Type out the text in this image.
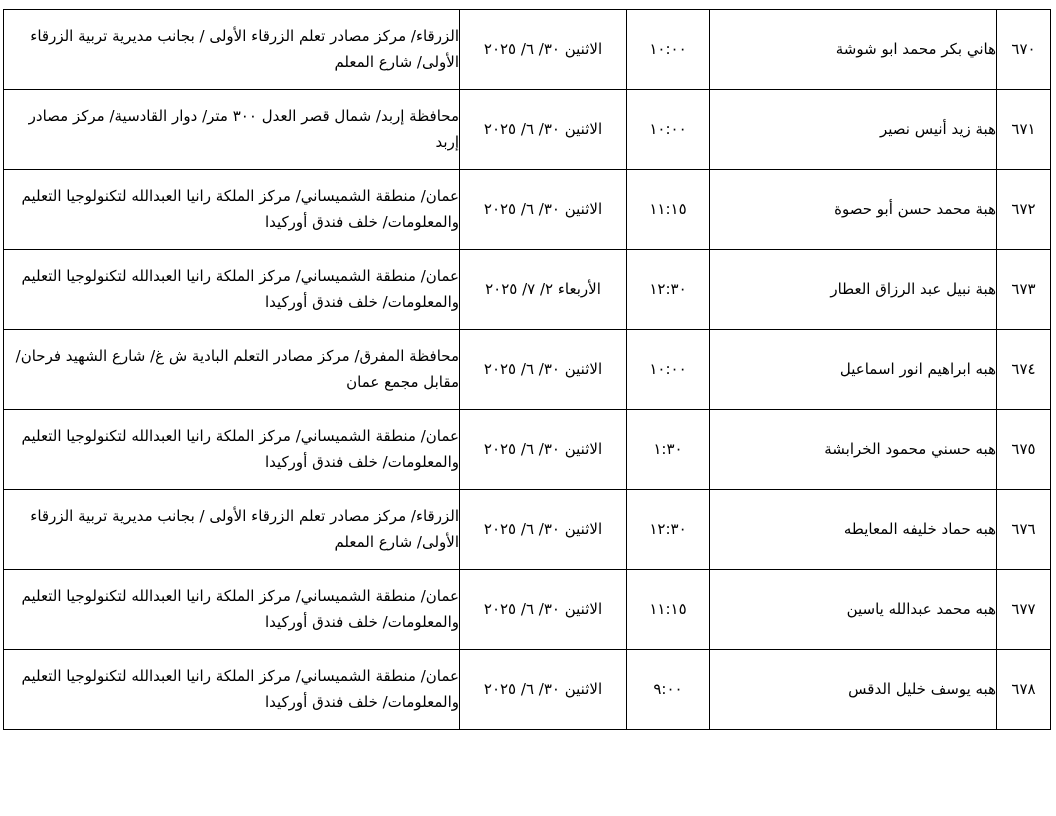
٦٧٠	هاني بكر محمد ابو شوشة	١٠:٠٠	الاثنين ٣٠/ ٦/ ٢٠٢٥	الزرقاء/ مركز مصادر تعلم الزرقاء الأولى / بجانب مديرية تربية الزرقاء الأولى/ شارع المعلم
٦٧١	هبة زيد أنيس نصير	١٠:٠٠	الاثنين ٣٠/ ٦/ ٢٠٢٥	محافظة إربد/ شمال قصر العدل ٣٠٠ متر/ دوار القادسية/ مركز مصادر إربد
٦٧٢	هبة محمد حسن أبو حصوة	١١:١٥	الاثنين ٣٠/ ٦/ ٢٠٢٥	عمان/ منطقة الشميساني/ مركز الملكة رانيا العبدالله لتكنولوجيا التعليم والمعلومات/ خلف فندق أوركيدا
٦٧٣	هبة نبيل عبد الرزاق العطار	١٢:٣٠	الأربعاء ٢/ ٧/ ٢٠٢٥	عمان/ منطقة الشميساني/ مركز الملكة رانيا العبدالله لتكنولوجيا التعليم والمعلومات/ خلف فندق أوركيدا
٦٧٤	هبه ابراهيم انور اسماعيل	١٠:٠٠	الاثنين ٣٠/ ٦/ ٢٠٢٥	محافظة المفرق/ مركز مصادر التعلم البادية ش غ/ شارع الشهيد فرحان/ مقابل مجمع عمان
٦٧٥	هبه حسني محمود الخرابشة	١:٣٠	الاثنين ٣٠/ ٦/ ٢٠٢٥	عمان/ منطقة الشميساني/ مركز الملكة رانيا العبدالله لتكنولوجيا التعليم والمعلومات/ خلف فندق أوركيدا
٦٧٦	هبه حماد خليفه المعايطه	١٢:٣٠	الاثنين ٣٠/ ٦/ ٢٠٢٥	الزرقاء/ مركز مصادر تعلم الزرقاء الأولى / بجانب مديرية تربية الزرقاء الأولى/ شارع المعلم
٦٧٧	هبه محمد عبدالله ياسين	١١:١٥	الاثنين ٣٠/ ٦/ ٢٠٢٥	عمان/ منطقة الشميساني/ مركز الملكة رانيا العبدالله لتكنولوجيا التعليم والمعلومات/ خلف فندق أوركيدا
٦٧٨	هبه يوسف خليل الدقس	٩:٠٠	الاثنين ٣٠/ ٦/ ٢٠٢٥	عمان/ منطقة الشميساني/ مركز الملكة رانيا العبدالله لتكنولوجيا التعليم والمعلومات/ خلف فندق أوركيدا
